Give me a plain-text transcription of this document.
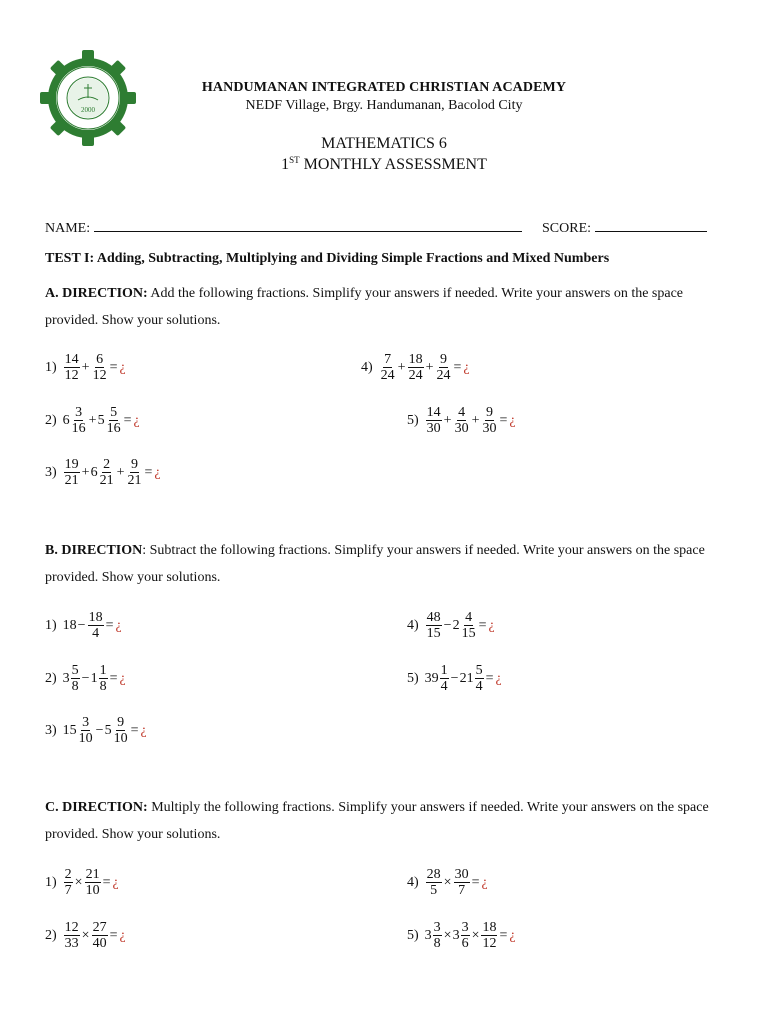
2000
HANDUMANAN INTEGRATED CHRISTIAN ACADEMY
NEDF Village, Brgy. Handumanan, Bacolod City
MATHEMATICS 6
1ST MONTHLY ASSESSMENT
NAME:	SCORE:
TEST I: Adding, Subtracting, Multiplying and Dividing Simple Fractions and Mixed Numbers
A. DIRECTION: Add the following fractions. Simplify your answers if needed. Write your answers on the space provided. Show your solutions.
B. DIRECTION: Subtract the following fractions. Simplify your answers if needed. Write your answers on the space provided. Show your solutions.
C. DIRECTION: Multiply the following fractions. Simplify your answers if needed. Write your answers on the space provided. Show your solutions.
$1) \frac{14}{12} + \frac{6}{12}$ = ¿
2) $6 \frac{3}{16} + 5 \frac{5}{16}$ = ¿
$3) \frac{19}{21} + 6 \frac{2}{21} + \frac{9}{21}$ = ¿
$4) \frac{7}{24} + \frac{18}{24} + \frac{9}{24}$ = ¿
$5) \frac{14}{30} + \frac{4}{30} + \frac{9}{30}$ = ¿
1) $18 - \frac{18}{4}$ = ¿
2) $3 \frac{5}{8} - 1 \frac{1}{8}$ = ¿
3) $15 \frac{3}{10} - 5 \frac{9}{10}$ = ¿
$4) \frac{48}{15} - 2 \frac{4}{15}$ = ¿
5) $39 \frac{1}{4} - 21 \frac{5}{4}$ = ¿
$1) \frac{2}{7} \times \frac{21}{10}$ = ¿
$2) \frac{12}{33} \times \frac{27}{40}$ = ¿
$4) \frac{28}{5} \times \frac{30}{7}$ = ¿
5) $3 \frac{3}{8} \times 3 \frac{3}{6} \times \frac{18}{12}$ = ¿
